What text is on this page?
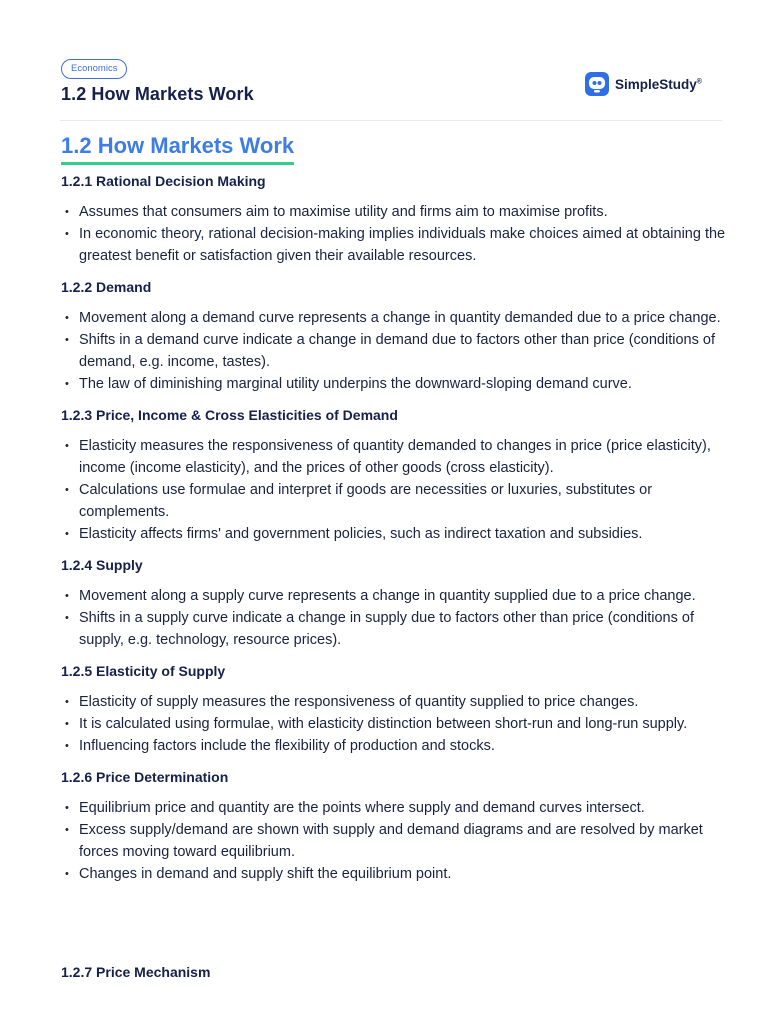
Economics
1.2 How Markets Work	SimpleStudy®
1.2 How Markets Work
1.2.1 Rational Decision Making
• Assumes that consumers aim to maximise utility and firms aim to maximise profits.
• In economic theory, rational decision-making implies individuals make choices aimed at obtaining the greatest benefit or satisfaction given their available resources.
1.2.2 Demand
• Movement along a demand curve represents a change in quantity demanded due to a price change.
• Shifts in a demand curve indicate a change in demand due to factors other than price (conditions of demand, e.g. income, tastes).
• The law of diminishing marginal utility underpins the downward-sloping demand curve.
1.2.3 Price, Income & Cross Elasticities of Demand
• Elasticity measures the responsiveness of quantity demanded to changes in price (price elasticity), income (income elasticity), and the prices of other goods (cross elasticity).
• Calculations use formulae and interpret if goods are necessities or luxuries, substitutes or complements.
• Elasticity affects firms' and government policies, such as indirect taxation and subsidies.
1.2.4 Supply
• Movement along a supply curve represents a change in quantity supplied due to a price change.
• Shifts in a supply curve indicate a change in supply due to factors other than price (conditions of supply, e.g. technology, resource prices).
1.2.5 Elasticity of Supply
• Elasticity of supply measures the responsiveness of quantity supplied to price changes.
• It is calculated using formulae, with elasticity distinction between short-run and long-run supply.
• Influencing factors include the flexibility of production and stocks.
1.2.6 Price Determination
• Equilibrium price and quantity are the points where supply and demand curves intersect.
• Excess supply/demand are shown with supply and demand diagrams and are resolved by market forces moving toward equilibrium.
• Changes in demand and supply shift the equilibrium point.
1.2.7 Price Mechanism
